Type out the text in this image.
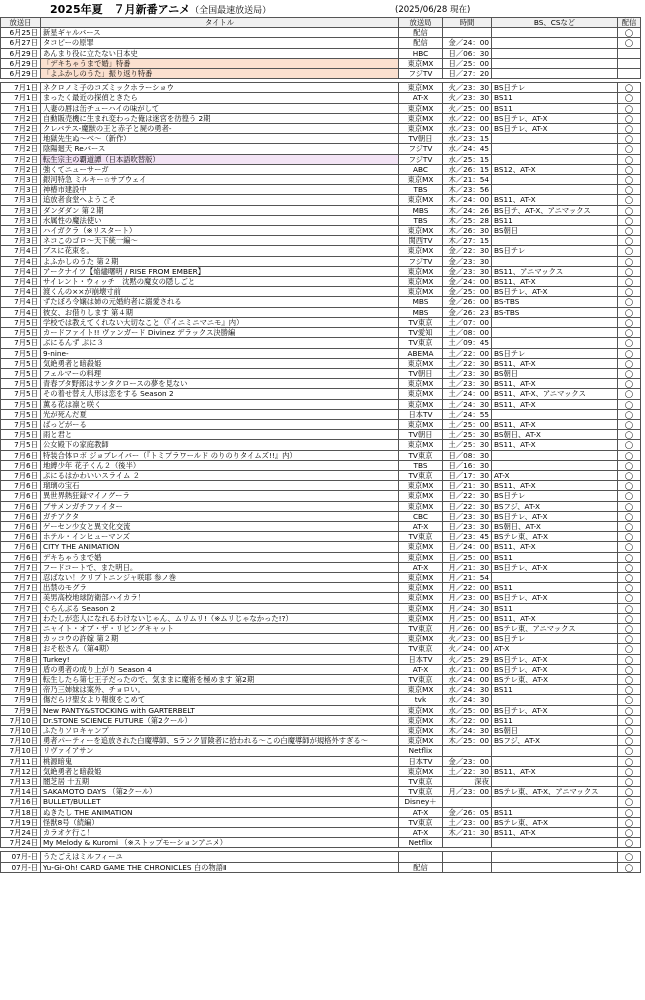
2025年夏　７月新番アニメ（全国最速放送局）	(2025/06/28 現在)
放送日	タイトル	放送局	時間	BS、CSなど	配信
6月25日	新星ギャルバース	配信			◯
6月27日	タコピーの原罪	配信	金／24：00		◯
6月29日	あんまり役に立たない日本史	HBC	日／06：30		
6月29日	「デキちゃうまで婚」特番	東京MX	日／25：00		
6月29日	「よふかしのうた」振り返り特番	フジTV	日／27：20		

7月1日	ネクロノミ子のコズミックホラーショウ	東京MX	火／23：30	BS日テレ	◯
7月1日	まったく最近の探偵ときたら	AT-X	火／23：30	BS11	◯
7月1日	人妻の唇は缶チューハイの味がして	東京MX	火／25：00	BS11	◯
7月2日	自動販売機に生まれ変わった俺は迷宮を彷徨う 2期	東京MX	水／22：00	BS日テレ、AT-X	◯
7月2日	クレバテス-魔獣の王と赤子と屍の勇者-	東京MX	水／23：00	BS日テレ、AT-X	◯
7月2日	地獄先生ぬ〜べ〜（新作）	TV朝日	水／23：15		◯
7月2日	陰陽廻天 Reバース	フジTV	水／24：45		◯
7月2日	転生宗主の覇道譚（日本語吹替版）	フジTV	水／25：15		◯
7月2日	強くてニューサーガ	ABC	水／26：15	BS12、AT-X	◯
7月3日	銀河特急 ミルキー☆サブウェイ	東京MX	木／21：54		◯
7月3日	神椿市建設中	TBS	木／23：56		◯
7月3日	追放者食堂へようこそ	東京MX	木／24：00	BS11、AT-X	◯
7月3日	ダンダダン 第２期	MBS	木／24：26	BS日テ、AT-X、アニマックス	◯
7月3日	水属性の魔法使い	TBS	木／25：28	BS11	◯
7月3日	ハイガクラ（※リスタート）	東京MX	木／26：30	BS朝日	◯
7月3日	ネコこのゴロ〜天下統一編〜	関西TV	木／27：15		◯
7月4日	ブスに花束を。	東京MX	金／22：30	BS日テレ	◯
7月4日	よふかしのうた 第２期	フジTV	金／23：30		◯
7月4日	アークナイツ【焔燼曙明 / RISE FROM EMBER】	東京MX	金／23：30	BS11、アニマックス	◯
7月4日	サイレント・ウィッチ　沈黙の魔女の隠しごと	東京MX	金／24：00	BS11、AT-X	◯
7月4日	渡くんの××が崩壊寸前	東京MX	金／25：00	BS日テレ、AT-X	◯
7月4日	ずたぼろ令嬢は姉の元婚約者に溺愛される	MBS	金／26：00	BS-TBS	◯
7月4日	彼女、お借りします 第４期	MBS	金／26：23	BS-TBS	◯
7月5日	学校では教えてくれない大切なこと（『イニミニマニモ』内）	TV東京	土／07：00		◯
7月5日	カードファイト!! ヴァンガード Divinez デラックス決勝編	TV愛知	土／08：00		◯
7月5日	ぶにるんず ぷに３	TV東京	土／09：45		◯
7月5日	9-nine-	ABEMA	土／22：00	BS日テレ	◯
7月5日	気絶勇者と暗殺姫	東京MX	土／22：30	BS11、AT-X	◯
7月5日	フェルマーの料理	TV朝日	土／23：30	BS朝日	◯
7月5日	青春ブタ野郎はサンタクロースの夢を見ない	東京MX	土／23：30	BS11、AT-X	◯
7月5日	その着せ替え人形は恋をする Season 2	東京MX	土／24：00	BS11、AT-X、アニマックス	◯
7月5日	薫る花は凛と咲く	東京MX	土／24：30	BS11、AT-X	◯
7月5日	光が死んだ夏	日本TV	土／24：55		◯
7月5日	ばっどがーる	東京MX	土／25：00	BS11、AT-X	◯
7月5日	雨と君と	TV朝日	土／25：30	BS朝日、AT-X	◯
7月5日	公女殿下の家庭教師	東京MX	土／25：30	BS11、AT-X	◯
7月6日	特装合体ロボ ジョブレイバー（『トミプラワールド のりのりタイムズ!!』内）	TV東京	日／08：30		◯
7月6日	地縛少年 花子くん２（後半）	TBS	日／16：30		◯
7月6日	ぷにるはかわいいスライム ２	TV東京	日／17：30	AT-X	◯
7月6日	瑠璃の宝石	東京MX	日／21：30	BS11、AT-X	◯
7月6日	異世界熱狂録マイノグーラ	東京MX	日／22：30	BS日テレ	◯
7月6日	ブサメンガチファイター	東京MX	日／22：30	BSフジ、AT-X	◯
7月6日	ガチアクタ	CBC	日／23：30	BS日テレ、AT-X	◯
7月6日	ゲーセン少女と異文化交流	AT-X	日／23：30	BS朝日、AT-X	◯
7月6日	ホテル・インヒューマンズ	TV東京	日／23：45	BSテレ東、AT-X	◯
7月6日	CITY THE ANIMATION	東京MX	日／24：00	BS11、AT-X	◯
7月6日	デキちゃうまで婚	東京MX	日／25：00	BS11	◯
7月7日	フードコートで、また明日。	AT-X	月／21：30	BS日テレ、AT-X	◯
7月7日	忍ばない！クリプトニンジャ咲耶 参ノ巻	東京MX	月／21：54		◯
7月7日	出禁のモグラ	東京MX	月／22：00	BS11	◯
7月7日	美男高校地球防衛部ハイカラ！	東京MX	月／23：00	BS日テレ、AT-X	◯
7月7日	ぐらんぶる Season 2	東京MX	月／24：30	BS11	◯
7月7日	わたしが恋人になれるわけないじゃん、ムリムリ!（※ムリじゃなかった!?）	東京MX	月／25：00	BS11、AT-X	◯
7月7日	ニャイト・オブ・ザ・リビングキャット	TV東京	月／26：00	BSテレ東、アニマックス	◯
7月8日	カッコウの許嫁 第２期	東京MX	火／23：00	BS日テレ	◯
7月8日	おそ松さん（第4期）	TV東京	火／24：00	AT-X	◯
7月8日	Turkey!	日本TV	火／25：29	BS日テレ、AT-X	◯
7月9日	盾の勇者の成り上がり Season 4	AT-X	水／21：00	BS日テレ、AT-X	◯
7月9日	転生したら第七王子だったので、気ままに魔術を極めます 第2期	TV東京	水／24：00	BSテレ東、AT-X	◯
7月9日	帝乃三姉妹は案外、チョロい。	東京MX	水／24：30	BS11	◯
7月9日	傷だらけ聖女より報復をこめて	tvk	水／24：30		◯
7月9日	New PANTY&STOCKING with GARTERBELT	東京MX	水／25：00	BS日テレ、AT-X	◯
7月10日	Dr.STONE SCIENCE FUTURE（第2クール）	東京MX	木／22：00	BS11	◯
7月10日	ふたりソロキャンプ	東京MX	木／24：30	BS朝日	◯
7月10日	勇者パーティーを追放された白魔導師、Sランク冒険者に拾われる〜この白魔導師が規格外すぎる〜	東京MX	木／25：00	BSフジ、AT-X	◯
7月10日	リヴァイアサン	Netflix			◯
7月11日	桃源暗鬼	日本TV	金／23：00		◯
7月12日	気絶勇者と暗殺姫	東京MX	土／22：30	BS11、AT-X	◯
7月13日	闇芝居 十五期	TV東京	深夜		◯
7月14日	SAKAMOTO DAYS （第2クール）	TV東京	月／23：00	BSテレ東、AT-X、アニマックス	◯
7月16日	BULLET/BULLET	Disney＋			◯
7月18日	ぬきたし THE ANIMATION	AT-X	金／26：05	BS11	◯
7月19日	怪獣8号（続編）	TV東京	土／23：00	BSテレ東、AT-X	◯
7月24日	カラオケ行こ！	AT-X	木／21：30	BS11、AT-X	◯
7月24日	My Melody & Kuromi （※ストップモーションアニメ）	Netflix			◯

07月-日	うたごえはミルフィーユ				◯
07月-日	Yu-Gi-Oh! CARD GAME THE CHRONICLES 白の物語Ⅱ	配信			◯
